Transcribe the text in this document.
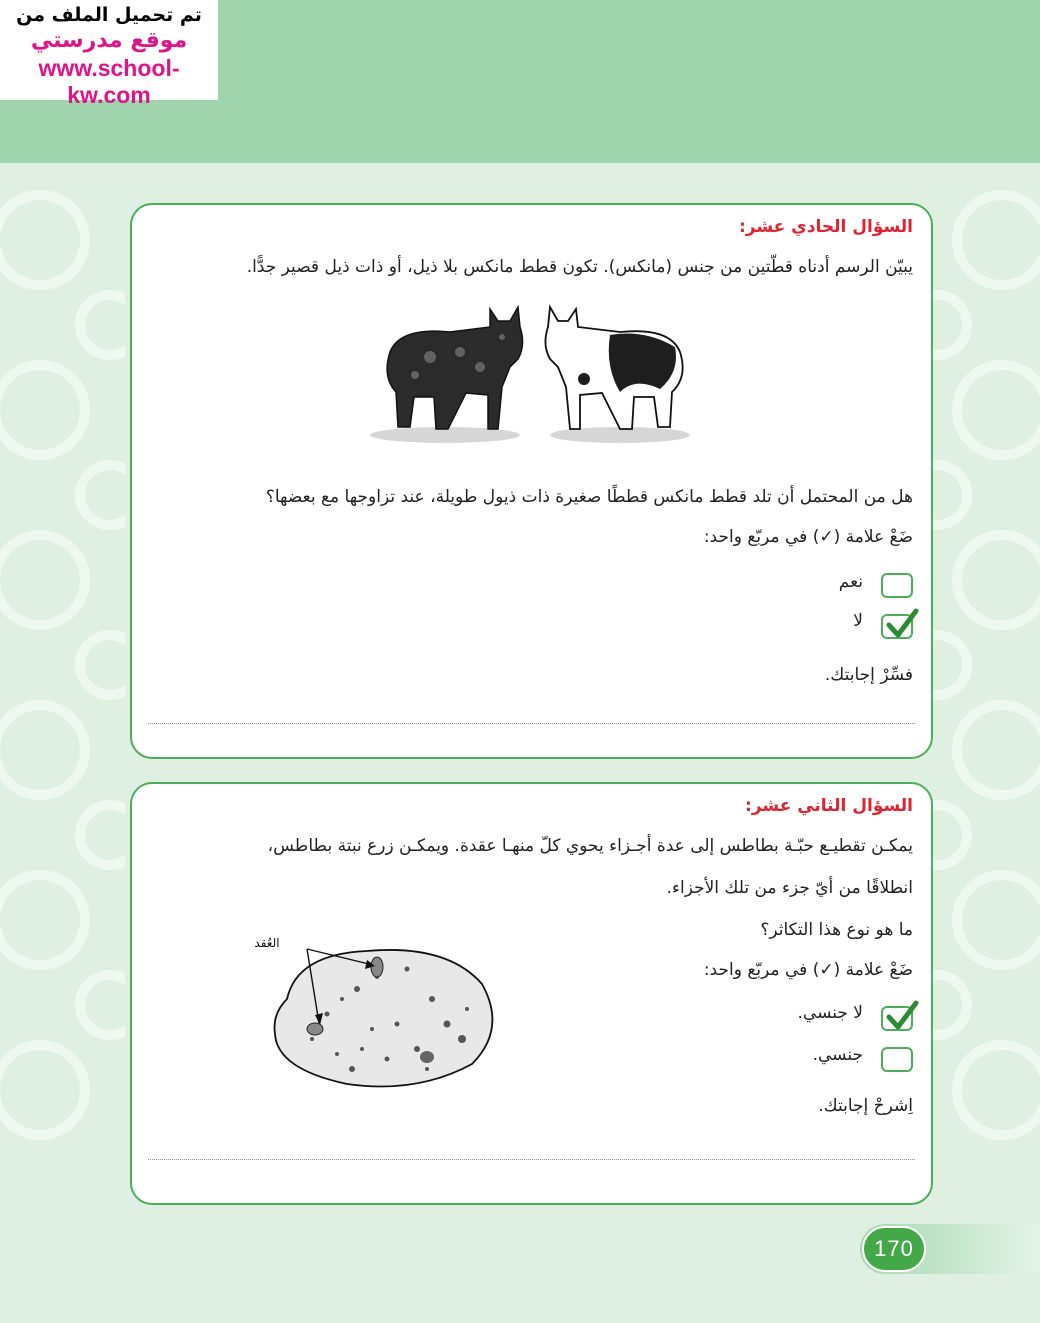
تم تحميل الملف من
موقع مدرستي
www.school-kw.com
السؤال الحادي عشر:
يبيّن الرسم أدناه قطّتين من جنس (مانكس). تكون قطط مانكس بلا ذيل، أو ذات ذيل قصير جدًّا.
هل من المحتمل أن تلد قطط مانكس قططًا صغيرة ذات ذيول طويلة، عند تزاوجها مع بعضها؟
ضَعْ علامة (✓) في مربّع واحد:
نعم
لا
فسِّرْ إجابتك.
السؤال الثاني عشر:
يمكـن تقطيـع حبّـة بطاطس إلى عدة أجـزاء يحوي كلّ منهـا عقدة. ويمكـن زرع نبتة بطاطس،
انطلاقًا من أيّ جزء من تلك الأجزاء.
ما هو نوع هذا التكاثر؟
ضَعْ علامة (✓) في مربّع واحد:
لا جنسي.
جنسي.
اِشرحْ إجابتك.
العُقد
170
